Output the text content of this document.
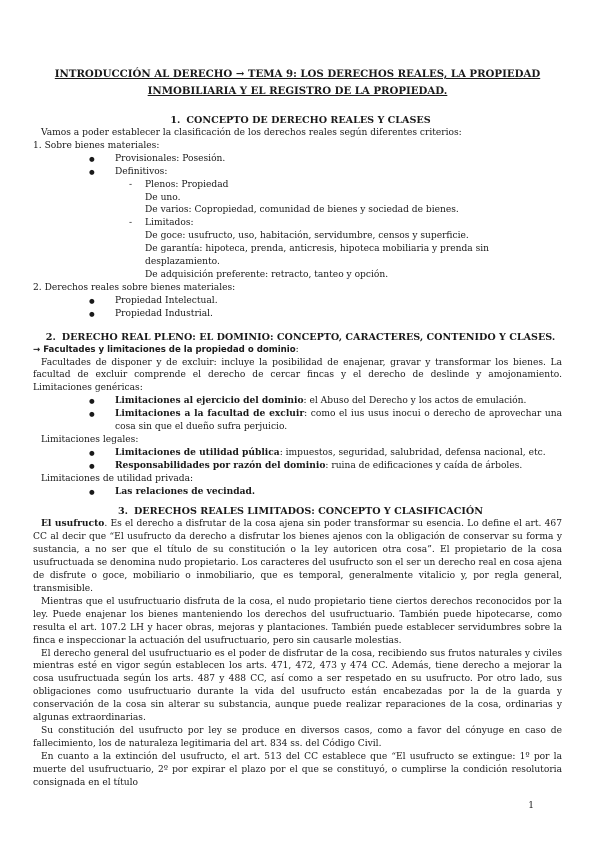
INTRODUCCIÓN AL DERECHO → TEMA 9: LOS DERECHOS REALES, LA PROPIEDAD INMOBILIARIA Y EL REGISTRO DE LA PROPIEDAD.
1. CONCEPTO DE DERECHO REALES Y CLASES

Vamos a poder establecer la clasificación de los derechos reales según diferentes criterios:

1. Sobre bienes materiales:

● Provisionales: Posesión.
● Definitivos:
- Plenos: Propiedad
De uno.
De varios: Copropiedad, comunidad de bienes y sociedad de bienes.
- Limitados:
De goce: usufructo, uso, habitación, servidumbre, censos y superficie.
De garantía: hipoteca, prenda, anticresis, hipoteca mobiliaria y prenda sin desplazamiento.
De adquisición preferente: retracto, tanteo y opción.

2. Derechos reales sobre bienes materiales:

● Propiedad Intelectual.
● Propiedad Industrial.
2. DERECHO REAL PLENO: EL DOMINIO: CONCEPTO, CARACTERES, CONTENIDO Y CLASES.

→ Facultades y limitaciones de la propiedad o dominio:

Facultades de disponer y de excluir: incluye la posibilidad de enajenar, gravar y transformar los bienes. La facultad de excluir comprende el derecho de cercar fincas y el derecho de deslinde y amojonamiento. Limitaciones genéricas:

● Limitaciones al ejercicio del dominio: el Abuso del Derecho y los actos de emulación.
● Limitaciones a la facultad de excluir: como el ius usus inocui o derecho de aprovechar una cosa sin que el dueño sufra perjuicio.

Limitaciones legales:

● Limitaciones de utilidad pública: impuestos, seguridad, salubridad, defensa nacional, etc.
● Responsabilidades por razón del dominio: ruina de edificaciones y caída de árboles.

Limitaciones de utilidad privada:

● Las relaciones de vecindad.
3. DERECHOS REALES LIMITADOS: CONCEPTO Y CLASIFICACIÓN

El usufructo. Es el derecho a disfrutar de la cosa ajena sin poder transformar su esencia. Lo define el art. 467 CC al decir que “El usufructo da derecho a disfrutar los bienes ajenos con la obligación de conservar su forma y sustancia, a no ser que el título de su constitución o la ley autoricen otra cosa”. El propietario de la cosa usufructuada se denomina nudo propietario. Los caracteres del usufructo son el ser un derecho real en cosa ajena de disfrute o goce, mobiliario o inmobiliario, que es temporal, generalmente vitalicio y, por regla general, transmisible.

Mientras que el usufructuario disfruta de la cosa, el nudo propietario tiene ciertos derechos reconocidos por la ley. Puede enajenar los bienes manteniendo los derechos del usufructuario. También puede hipotecarse, como resulta el art. 107.2 LH y hacer obras, mejoras y plantaciones. También puede establecer servidumbres sobre la finca e inspeccionar la actuación del usufructuario, pero sin causarle molestias.

El derecho general del usufructuario es el poder de disfrutar de la cosa, recibiendo sus frutos naturales y civiles mientras esté en vigor según establecen los arts. 471, 472, 473 y 474 CC. Además, tiene derecho a mejorar la cosa usufructuada según los arts. 487 y 488 CC, así como a ser respetado en su usufructo. Por otro lado, sus obligaciones como usufructuario durante la vida del usufructo están encabezadas por la de la guarda y conservación de la cosa sin alterar su substancia, aunque puede realizar reparaciones de la cosa, ordinarias y algunas extraordinarias.

Su constitución del usufructo por ley se produce en diversos casos, como a favor del cónyuge en caso de fallecimiento, los de naturaleza legitimaria del art. 834 ss. del Código Civil.

En cuanto a la extinción del usufructo, el art. 513 del CC establece que “El usufructo se extingue: 1º por la muerte del usufructuario, 2º por expirar el plazo por el que se constituyó, o cumplirse la condición resolutoria consignada en el título

1
